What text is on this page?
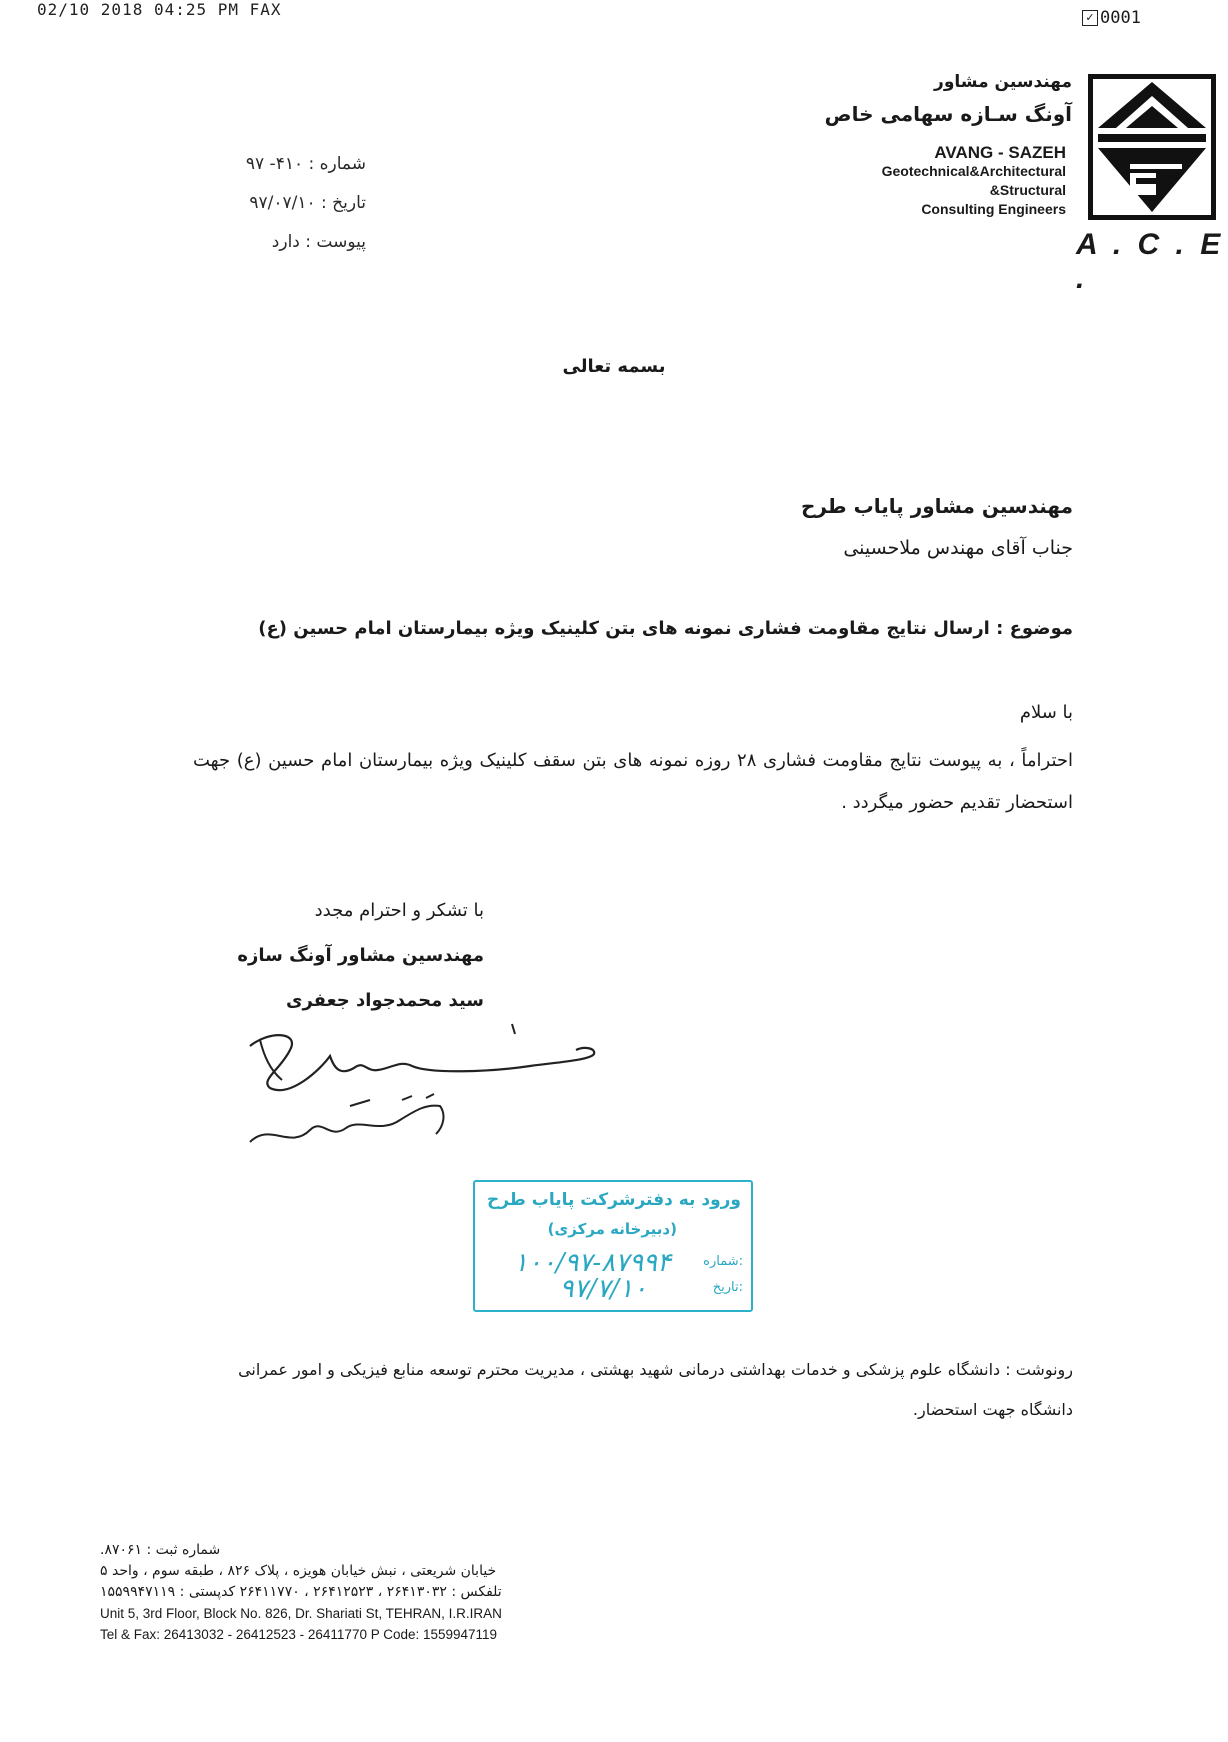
02/10 2018 04:25 PM FAX	✓ 0001
مهندسین مشاور
آونگ سـازه سهامی خاص
AVANG - SAZEH
Geotechnical&Architectural
&Structural
Consulting Engineers
A . C . E .
شماره : ۴۱۰- ۹۷
تاریخ : ۹۷/۰۷/۱۰
پیوست : دارد
بسمه تعالی
مهندسین مشاور پایاب طرح
جناب آقای مهندس ملاحسینی
موضوع : ارسال نتایج مقاومت فشاری نمونه های بتن کلینیک ویژه بیمارستان امام حسین (ع)
با سلام
احتراماً ، به پیوست نتایج مقاومت فشاری ۲۸ روزه نمونه های بتن سقف کلینیک ویژه بیمارستان امام حسین (ع) جهت استحضار تقدیم حضور میگردد .
با تشکر و احترام مجدد
مهندسین مشاور آونگ سازه
سید محمدجواد جعفری
ورود به دفترشرکت پایاب طرح
(دبیرخانه مرکزی)
شماره:
۱۰۰/۹۷-۸۷۹۹۴
تاریخ:
۹۷/۷/۱۰
رونوشت : دانشگاه علوم پزشکی و خدمات بهداشتی درمانی شهید بهشتی ، مدیریت محترم توسعه منابع فیزیکی و امور عمرانی دانشگاه جهت استحضار.
شماره ثبت : ۸۷۰۶۱.
خیابان شریعتی ، نبش خیابان هویزه ، پلاک ۸۲۶ ، طبقه سوم ، واحد ۵
تلفکس : ۲۶۴۱۳۰۳۲ ، ۲۶۴۱۲۵۲۳ ، ۲۶۴۱۱۷۷۰ کدپستی : ۱۵۵۹۹۴۷۱۱۹
Unit 5, 3rd Floor, Block No. 826, Dr. Shariati St, TEHRAN, I.R.IRAN
Tel & Fax: 26413032 - 26412523 - 26411770 P Code: 1559947119
